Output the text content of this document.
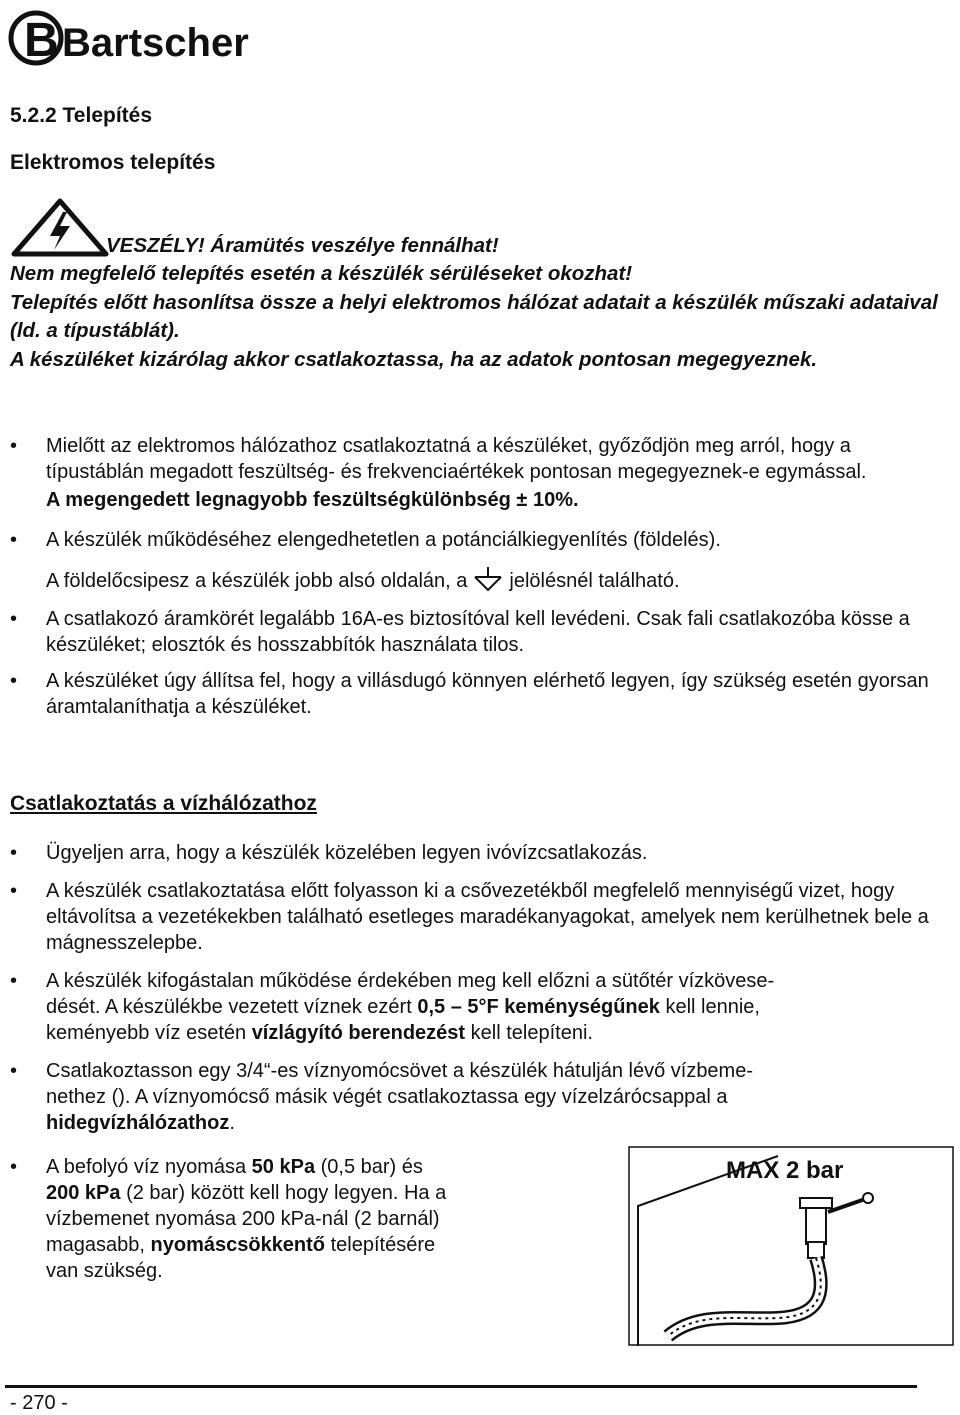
B Bartscher
5.2.2 Telepítés
Elektromos telepítés
VESZÉLY! Áramütés veszélye fennálhat!
Nem megfelelő telepítés esetén a készülék sérüléseket okozhat!
Telepítés előtt hasonlítsa össze a helyi elektromos hálózat adatait a készülék műszaki adataival (ld. a típustáblát).
A készüléket kizárólag akkor csatlakoztassa, ha az adatok pontosan megegyeznek.
• Mielőtt az elektromos hálózathoz csatlakoztatná a készüléket, győződjön meg arról, hogy a típustáblán megadott feszültség- és frekvenciaértékek pontosan megegyeznek-e egymással.
A megengedett legnagyobb feszültségkülönbség ± 10%.
• A készülék működéséhez elengedhetetlen a potánciálkiegyenlítés (földelés).
A földelőcsipesz a készülék jobb alsó oldalán, a jelölésnél található.
• A csatlakozó áramkörét legalább 16A-es biztosítóval kell levédeni. Csak fali csatlakozóba kösse a készüléket; elosztók és hosszabbítók használata tilos.
• A készüléket úgy állítsa fel, hogy a villásdugó könnyen elérhető legyen, így szükség esetén gyorsan áramtalaníthatja a készüléket.
Csatlakoztatás a vízhálózathoz
• Ügyeljen arra, hogy a készülék közelében legyen ivóvízcsatlakozás.
• A készülék csatlakoztatása előtt folyasson ki a csővezetékből megfelelő mennyiségű vizet, hogy eltávolítsa a vezetékekben található esetleges maradékanyagokat, amelyek nem kerülhetnek bele a mágnesszelepbe.
• A készülék kifogástalan működése érdekében meg kell előzni a sütőtér vízkövese-
dését. A készülékbe vezetett víznek ezért 0,5 – 5°F keménységűnek kell lennie,
keményebb víz esetén vízlágyító berendezést kell telepíteni.
• Csatlakoztasson egy 3/4“-es víznyomócsövet a készülék hátulján lévő vízbeme-
nethez (). A víznyomócső másik végét csatlakoztassa egy vízelzárócsappal a
hidegvízhálózathoz.
• A befolyó víz nyomása 50 kPa (0,5 bar) és
200 kPa (2 bar) között kell hogy legyen. Ha a
vízbemenet nyomása 200 kPa-nál (2 barnál)
magasabb, nyomáscsökkentő telepítésére
van szükség.
MAX 2 bar
- 270 -
